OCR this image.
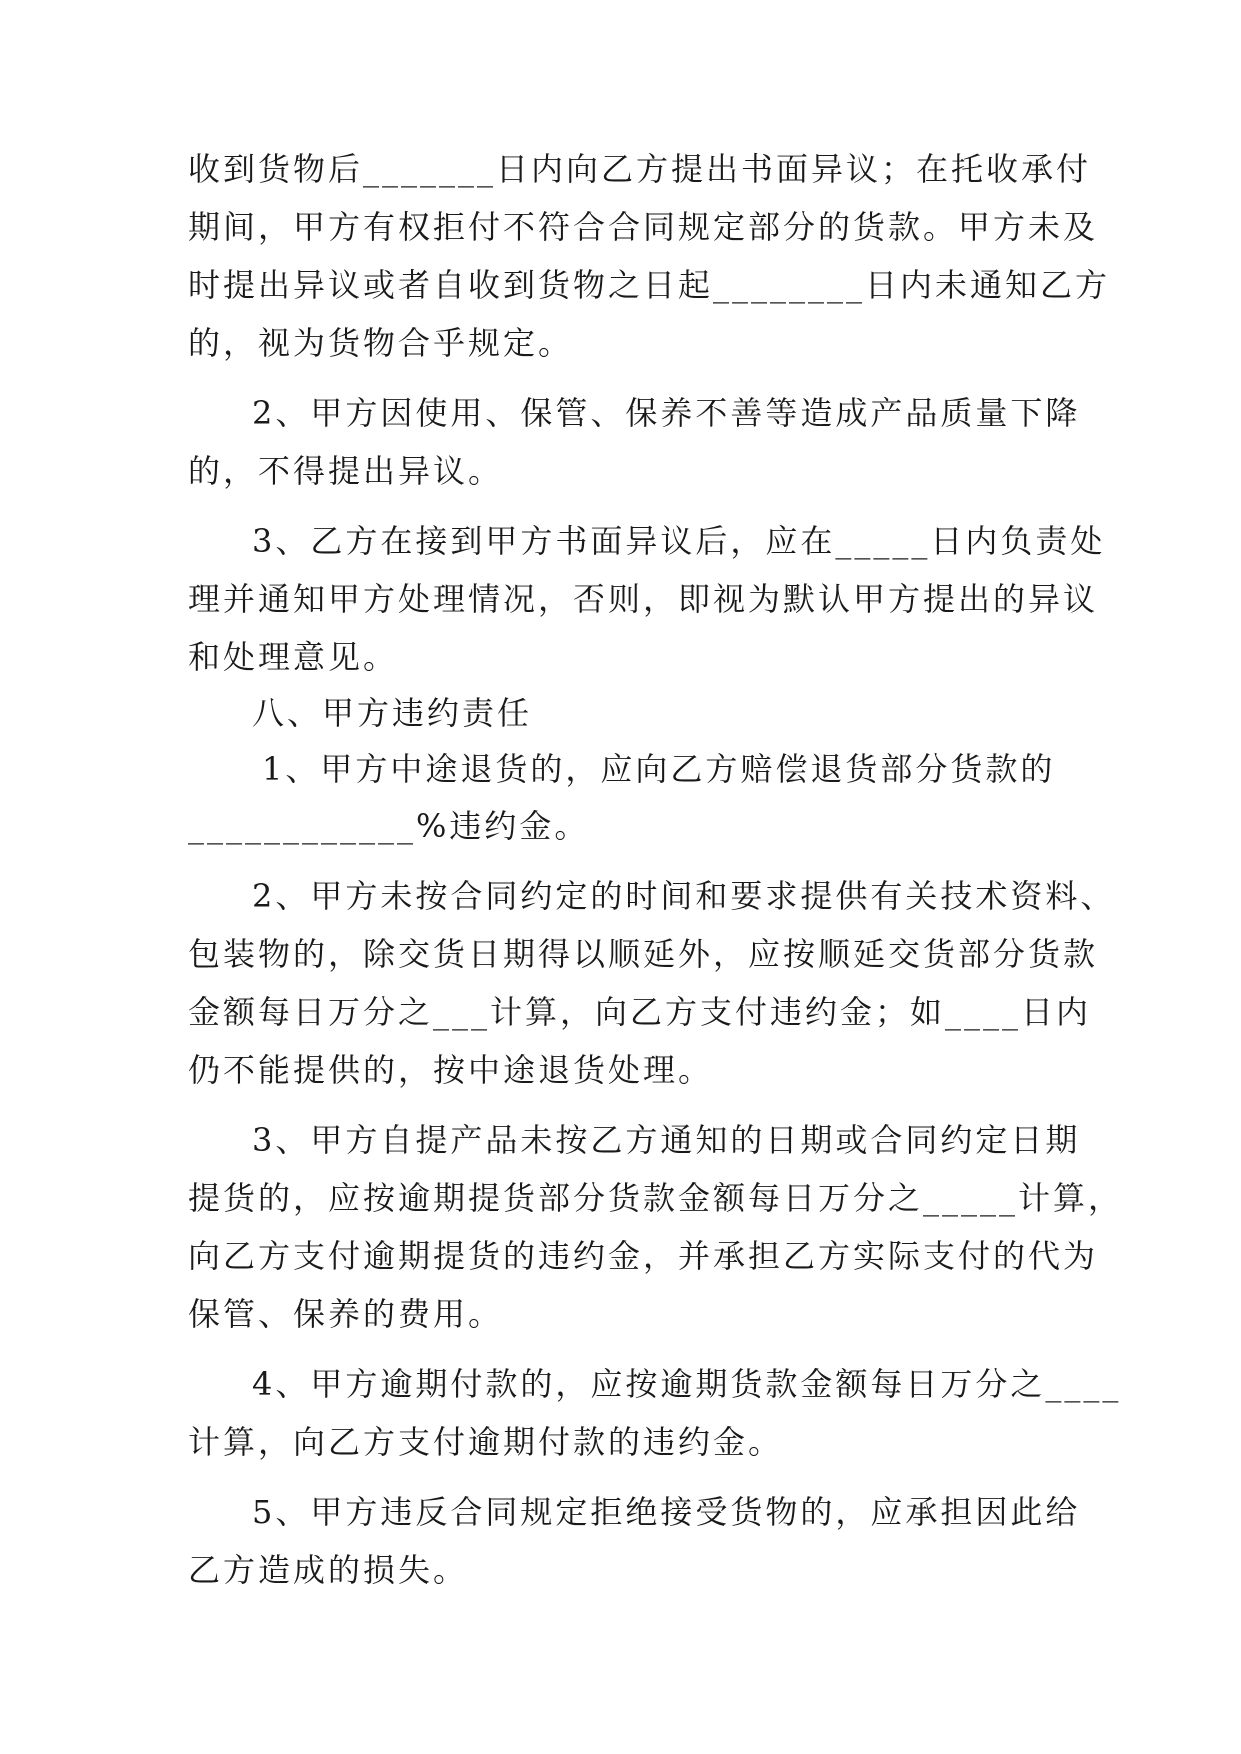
收到货物后_______日内向乙方提出书面异议；在托收承付
期间，甲方有权拒付不符合合同规定部分的货款。甲方未及
时提出异议或者自收到货物之日起________日内未通知乙方
的，视为货物合乎规定。
2、甲方因使用、保管、保养不善等造成产品质量下降
的，不得提出异议。
3、乙方在接到甲方书面异议后，应在_____日内负责处
理并通知甲方处理情况，否则，即视为默认甲方提出的异议
和处理意见。
八、甲方违约责任
1、甲方中途退货的，应向乙方赔偿退货部分货款的
____________%违约金。
2、甲方未按合同约定的时间和要求提供有关技术资料、
包装物的，除交货日期得以顺延外，应按顺延交货部分货款
金额每日万分之___计算，向乙方支付违约金；如____日内
仍不能提供的，按中途退货处理。
3、甲方自提产品未按乙方通知的日期或合同约定日期
提货的，应按逾期提货部分货款金额每日万分之_____计算，
向乙方支付逾期提货的违约金，并承担乙方实际支付的代为
保管、保养的费用。
4、甲方逾期付款的，应按逾期货款金额每日万分之____
计算，向乙方支付逾期付款的违约金。
5、甲方违反合同规定拒绝接受货物的，应承担因此给
乙方造成的损失。
